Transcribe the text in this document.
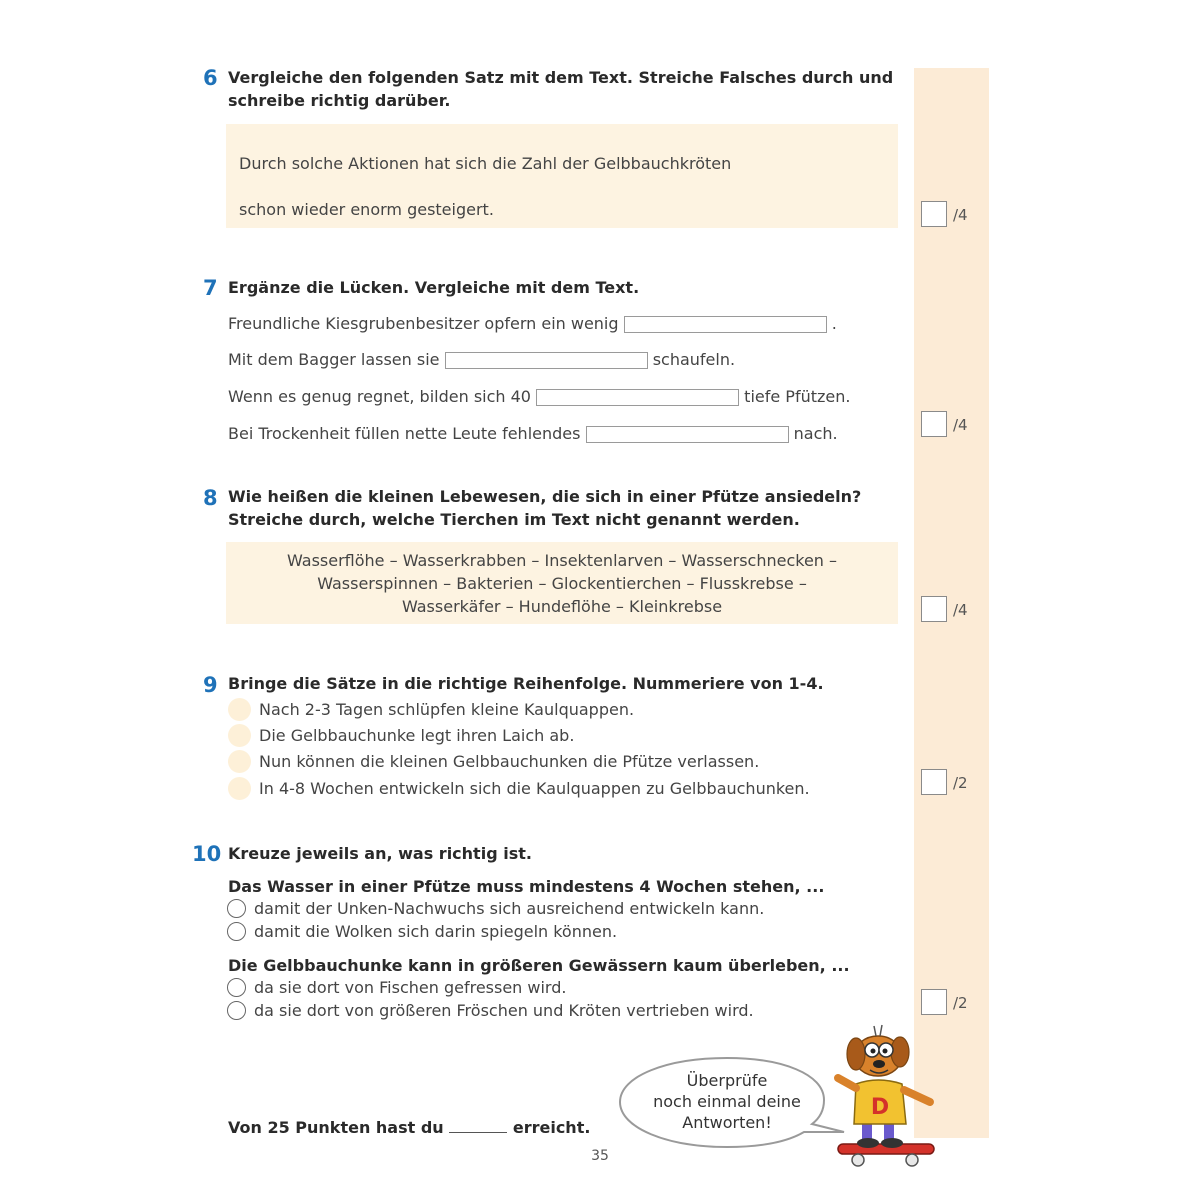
6 Vergleiche den folgenden Satz mit dem Text. Streiche Falsches durch und
schreibe richtig darüber.
Durch solche Aktionen hat sich die Zahl der Gelbbauchkröten
schon wieder enorm gesteigert.	/4
7 Ergänze die Lücken. Vergleiche mit dem Text.
Freundliche Kiesgrubenbesitzer opfern ein wenig	.
Mit dem Bagger lassen sie	schaufeln.
Wenn es genug regnet, bilden sich 40	tiefe Pfützen.
Bei Trockenheit füllen nette Leute fehlendes	nach.	/4
8 Wie heißen die kleinen Lebewesen, die sich in einer Pfütze ansiedeln?
Streiche durch, welche Tierchen im Text nicht genannt werden.
Wasserflöhe – Wasserkrabben – Insektenlarven – Wasserschnecken –
Wasserspinnen – Bakterien – Glockentierchen – Flusskrebse –
Wasserkäfer – Hundeflöhe – Kleinkrebse	/4
9 Bringe die Sätze in die richtige Reihenfolge. Nummeriere von 1-4.
Nach 2-3 Tagen schlüpfen kleine Kaulquappen.
Die Gelbbauchunke legt ihren Laich ab.
Nun können die kleinen Gelbbauchunken die Pfütze verlassen.
In 4-8 Wochen entwickeln sich die Kaulquappen zu Gelbbauchunken.	/2
10 Kreuze jeweils an, was richtig ist.
Das Wasser in einer Pfütze muss mindestens 4 Wochen stehen, ...
damit der Unken-Nachwuchs sich ausreichend entwickeln kann.
damit die Wolken sich darin spiegeln können.
Die Gelbbauchunke kann in größeren Gewässern kaum überleben, ...
da sie dort von Fischen gefressen wird.
da sie dort von größeren Fröschen und Kröten vertrieben wird.	/2
Von 25 Punkten hast du	erreicht.
35
Überprüfe
noch einmal deine
Antworten!
D
